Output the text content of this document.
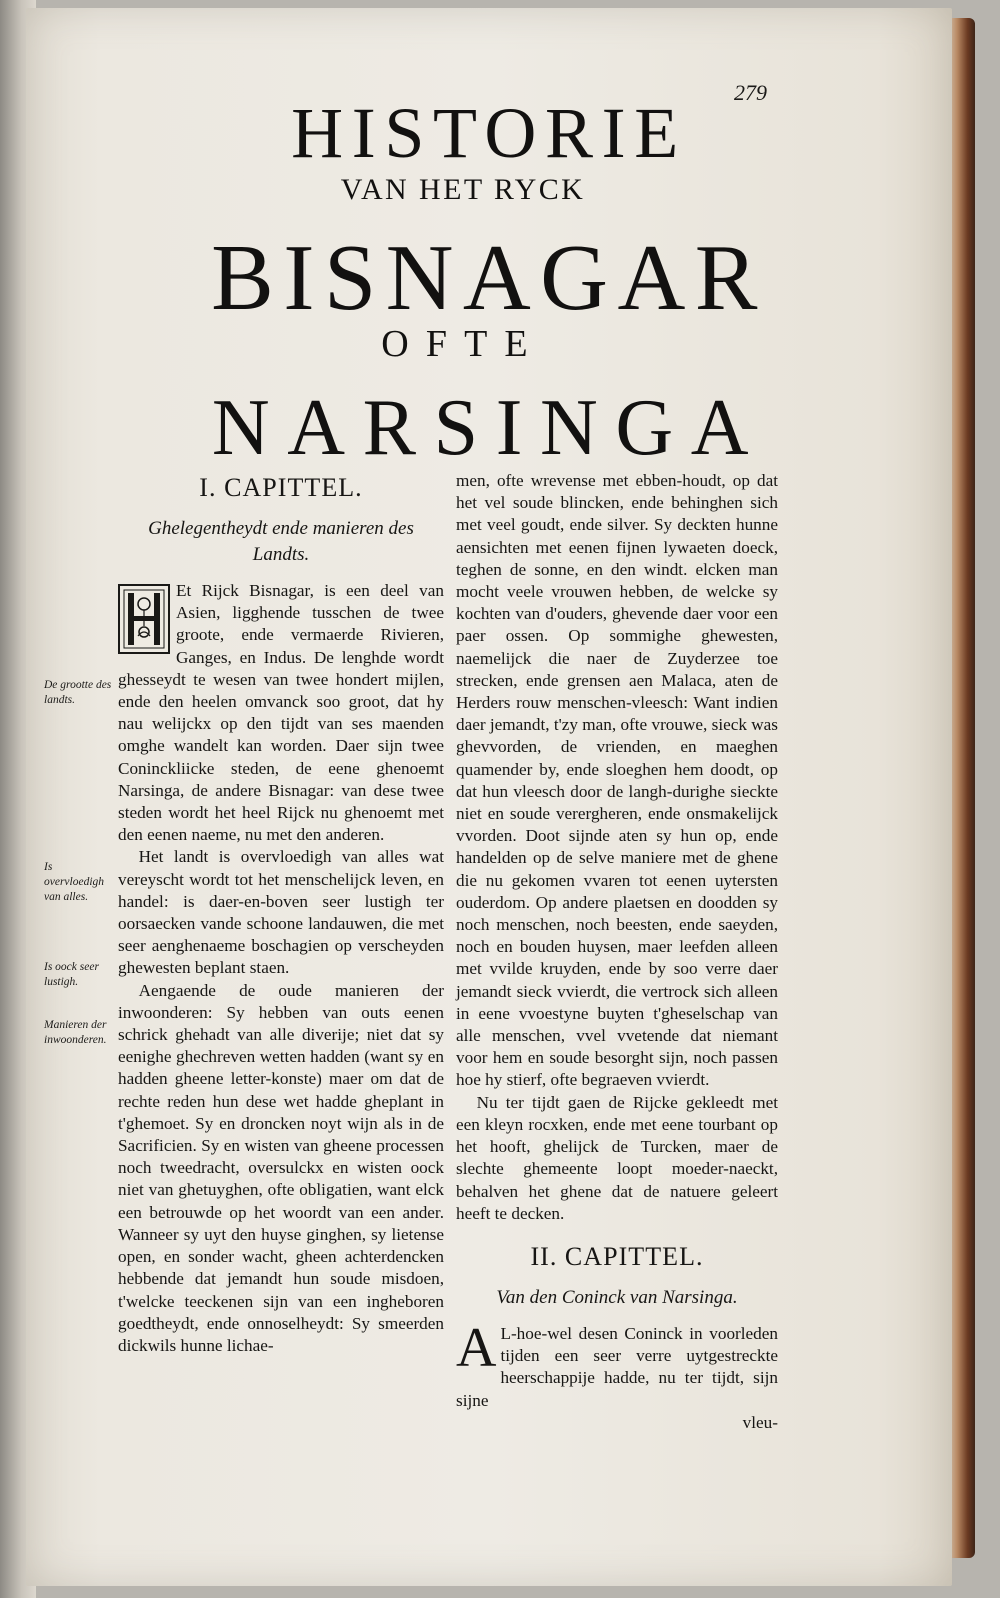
279
HISTORIE
VAN HET RYCK
BISNAGAR
OFTE
NARSINGA
De grootte des landts.
Is overvloedigh van alles.
Is oock seer lustigh.
Manieren der inwoonderen.
I. CAPITTEL.
Ghelegentheydt ende manieren des Landts.

Et Rijck Bisnagar, is een deel van Asien, ligghende tusschen de twee groote, ende vermaerde Rivieren, Ganges, en Indus. De lenghde wordt ghesseydt te wesen van twee hondert mijlen, ende den heelen omvanck soo groot, dat hy nau welijckx op den tijdt van ses maenden omghe wandelt kan worden. Daer sijn twee Coninckliicke steden, de eene ghenoemt Narsinga, de andere Bisnagar: van dese twee steden wordt het heel Rijck nu ghenoemt met den eenen naeme, nu met den anderen.

Het landt is overvloedigh van alles wat vereyscht wordt tot het menschelijck leven, en handel: is daer-en-boven seer lustigh ter oorsaecken vande schoone landauwen, die met seer aenghenaeme boschagien op verscheyden ghewesten beplant staen.

Aengaende de oude manieren der inwoonderen: Sy hebben van outs eenen schrick ghehadt van alle diverije; niet dat sy eenighe ghechreven wetten hadden (want sy en hadden gheene letter-konste) maer om dat de rechte reden hun dese wet hadde gheplant in t'ghemoet. Sy en droncken noyt wijn als in de Sacrificien. Sy en wisten van gheene processen noch tweedracht, oversulckx en wisten oock niet van ghetuyghen, ofte obligatien, want elck een betrouwde op het woordt van een ander. Wanneer sy uyt den huyse ginghen, sy lietense open, en sonder wacht, gheen achterdencken hebbende dat jemandt hun soude misdoen, t'welcke teeckenen sijn van een ingheboren goedtheydt, ende onnoselheydt: Sy smeerden dickwils hunne lichae-

men, ofte wrevense met ebben-houdt, op dat het vel soude blincken, ende behinghen sich met veel goudt, ende silver. Sy deckten hunne aensichten met eenen fijnen lywaeten doeck, teghen de sonne, en den windt. elcken man mocht veele vrouwen hebben, de welcke sy kochten van d'ouders, ghevende daer voor een paer ossen. Op sommighe ghewesten, naemelijck die naer de Zuyderzee toe strecken, ende grensen aen Malaca, aten de Herders rouw menschen-vleesch: Want indien daer jemandt, t'zy man, ofte vrouwe, sieck was ghevvorden, de vrienden, en maeghen quamender by, ende sloeghen hem doodt, op dat hun vleesch door de langh-durighe sieckte niet en soude verergheren, ende onsmakelijck vvorden. Doot sijnde aten sy hun op, ende handelden op de selve maniere met de ghene die nu gekomen vvaren tot eenen uytersten ouderdom. Op andere plaetsen en doodden sy noch menschen, noch beesten, ende saeyden, noch en bouden huysen, maer leefden alleen met vvilde kruyden, ende by soo verre daer jemandt sieck vvierdt, die vertrock sich alleen in eene vvoestyne buyten t'gheselschap van alle menschen, vvel vvetende dat niemant voor hem en soude besorght sijn, noch passen hoe hy stierf, ofte begraeven vvierdt.

Nu ter tijdt gaen de Rijcke gekleedt met een kleyn rocxken, ende met eene tourbant op het hooft, ghelijck de Turcken, maer de slechte ghemeente loopt moeder-naeckt, behalven het ghene dat de natuere geleert heeft te decken.

II. CAPITTEL.
Van den Coninck van Narsinga.
A L-hoe-wel desen Coninck in voorleden tijden een seer verre uytgestreckte heerschappije hadde, nu ter tijdt, sijn sijne

vleu-
